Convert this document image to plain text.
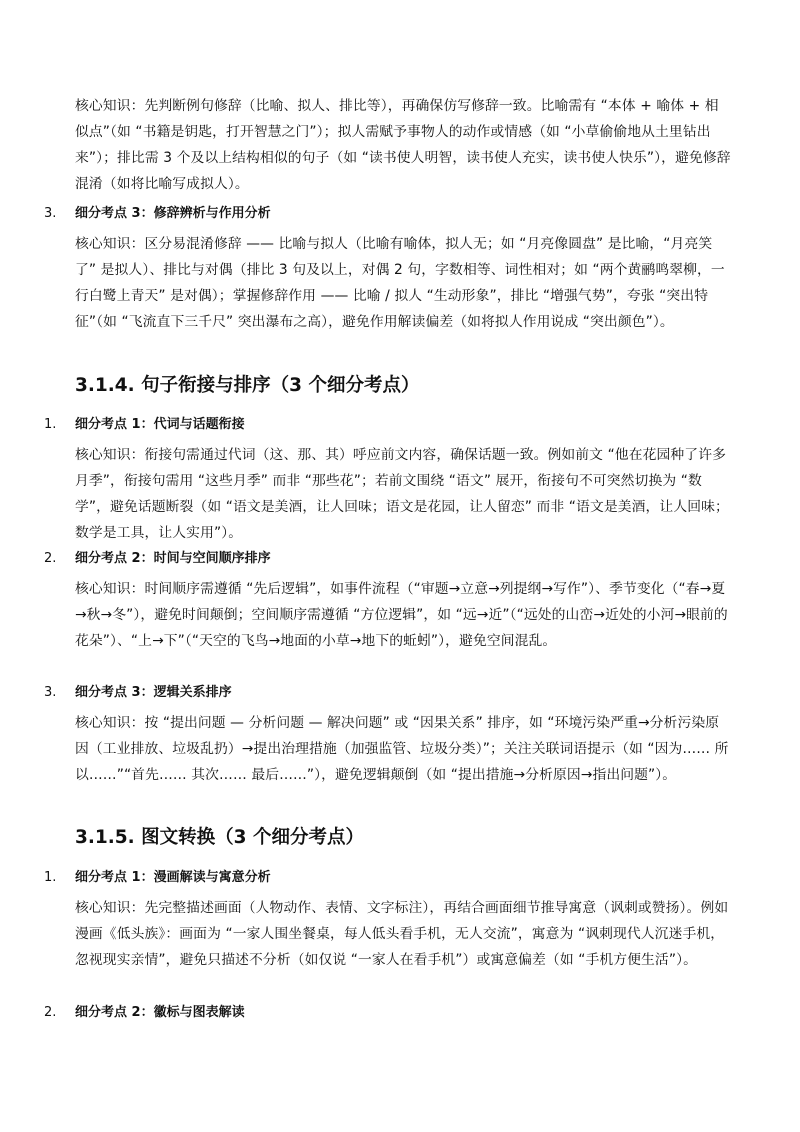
核心知识：先判断例句修辞（比喻、拟人、排比等），再确保仿写修辞一致。比喻需有 “本体 + 喻体 + 相似点”（如 “书籍是钥匙，打开智慧之门”）；拟人需赋予事物人的动作或情感（如 “小草偷偷地从土里钻出来”）；排比需 3 个及以上结构相似的句子（如 “读书使人明智，读书使人充实，读书使人快乐”），避免修辞混淆（如将比喻写成拟人）。

3. 细分考点 3：修辞辨析与作用分析

核心知识：区分易混淆修辞 —— 比喻与拟人（比喻有喻体，拟人无；如 “月亮像圆盘” 是比喻，“月亮笑了” 是拟人）、排比与对偶（排比 3 句及以上，对偶 2 句，字数相等、词性相对；如 “两个黄鹂鸣翠柳，一行白鹭上青天” 是对偶）；掌握修辞作用 —— 比喻 / 拟人 “生动形象”，排比 “增强气势”，夸张 “突出特征”（如 “飞流直下三千尺” 突出瀑布之高），避免作用解读偏差（如将拟人作用说成 “突出颜色”）。

3.1.4. 句子衔接与排序（3 个细分考点）
1. 细分考点 1：代词与话题衔接

核心知识：衔接句需通过代词（这、那、其）呼应前文内容，确保话题一致。例如前文 “他在花园种了许多月季”，衔接句需用 “这些月季” 而非 “那些花”；若前文围绕 “语文” 展开，衔接句不可突然切换为 “数学”，避免话题断裂（如 “语文是美酒，让人回味；语文是花园，让人留恋” 而非 “语文是美酒，让人回味；数学是工具，让人实用”）。

2. 细分考点 2：时间与空间顺序排序

核心知识：时间顺序需遵循 “先后逻辑”，如事件流程（“审题→立意→列提纲→写作”）、季节变化（“春→夏→秋→冬”），避免时间颠倒；空间顺序需遵循 “方位逻辑”，如 “远→近”（“远处的山峦→近处的小河→眼前的花朵”）、“上→下”（“天空的飞鸟→地面的小草→地下的蚯蚓”），避免空间混乱。

3. 细分考点 3：逻辑关系排序

核心知识：按 “提出问题 — 分析问题 — 解决问题” 或 “因果关系” 排序，如 “环境污染严重→分析污染原因（工业排放、垃圾乱扔）→提出治理措施（加强监管、垃圾分类）”；关注关联词语提示（如 “因为…… 所以……”“首先…… 其次…… 最后……”），避免逻辑颠倒（如 “提出措施→分析原因→指出问题”）。

3.1.5. 图文转换（3 个细分考点）
1. 细分考点 1：漫画解读与寓意分析

核心知识：先完整描述画面（人物动作、表情、文字标注），再结合画面细节推导寓意（讽刺或赞扬）。例如漫画《低头族》：画面为 “一家人围坐餐桌，每人低头看手机，无人交流”，寓意为 “讽刺现代人沉迷手机，忽视现实亲情”，避免只描述不分析（如仅说 “一家人在看手机”）或寓意偏差（如 “手机方便生活”）。

2. 细分考点 2：徽标与图表解读
